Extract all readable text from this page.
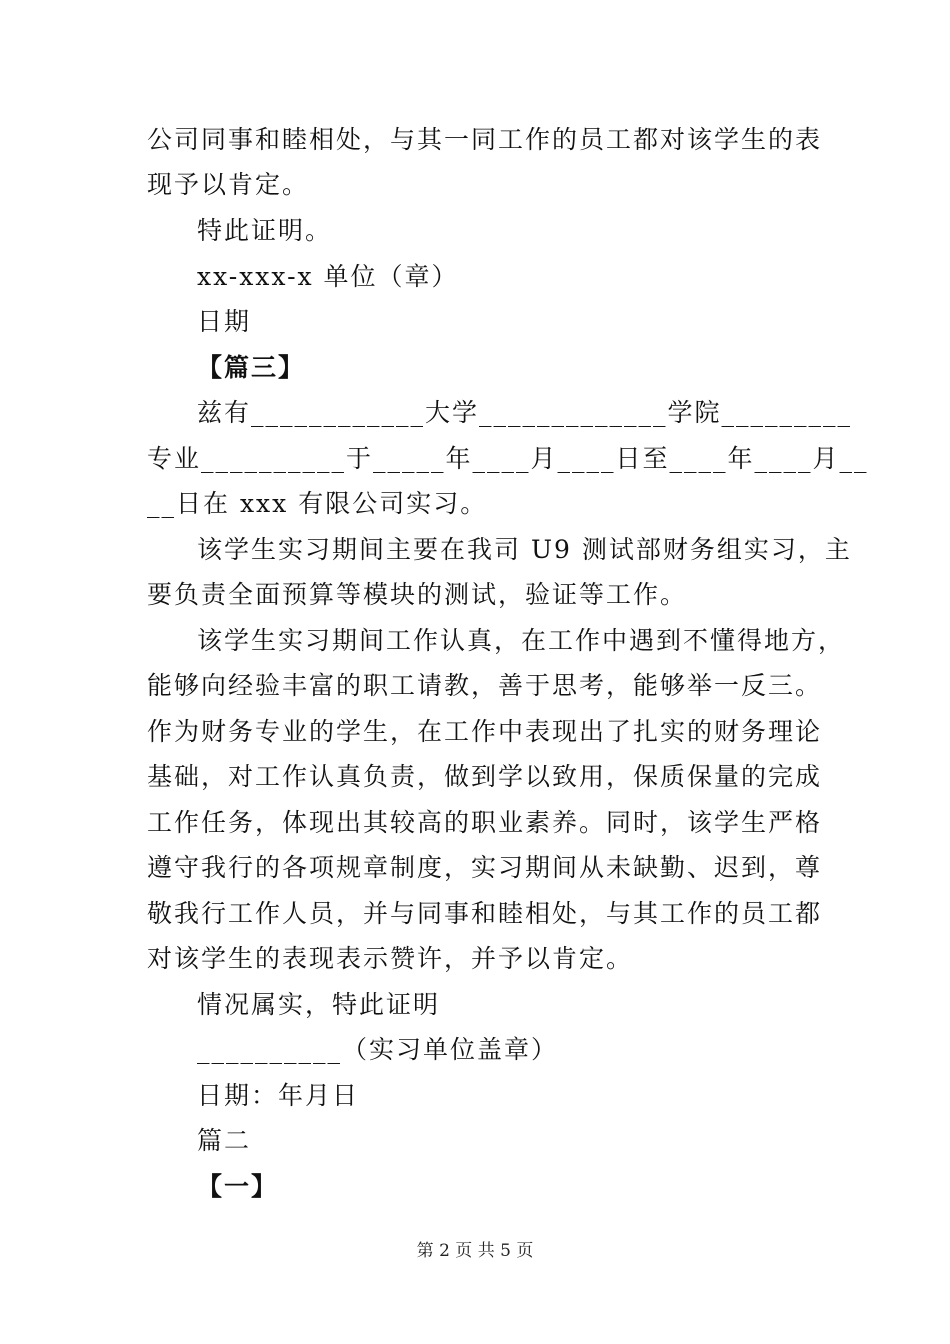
公司同事和睦相处，与其一同工作的员工都对该学生的表
现予以肯定。
特此证明。
xx-xxx-x 单位（章）
日期
【篇三】
兹有____________大学_____________学院_________
专业__________于_____年____月____日至____年____月__
__日在 xxx 有限公司实习。
该学生实习期间主要在我司 U9 测试部财务组实习，主
要负责全面预算等模块的测试，验证等工作。
该学生实习期间工作认真，在工作中遇到不懂得地方，
能够向经验丰富的职工请教，善于思考，能够举一反三。
作为财务专业的学生，在工作中表现出了扎实的财务理论
基础，对工作认真负责，做到学以致用，保质保量的完成
工作任务，体现出其较高的职业素养。同时，该学生严格
遵守我行的各项规章制度，实习期间从未缺勤、迟到，尊
敬我行工作人员，并与同事和睦相处，与其工作的员工都
对该学生的表现表示赞许，并予以肯定。
情况属实，特此证明
__________（实习单位盖章）
日期：年月日
篇二
【一】
第 2 页 共 5 页
